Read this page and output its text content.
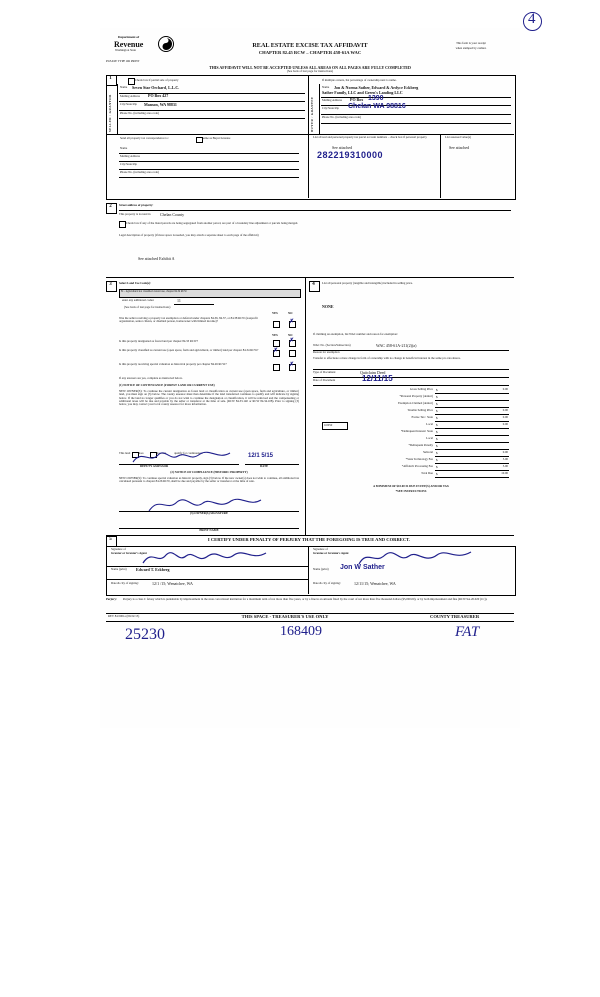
4
Department of
Revenue
Washington State
REAL ESTATE EXCISE TAX AFFIDAVIT
CHAPTER 82.45 RCW – CHAPTER 458-61A WAC
PLEASE TYPE OR PRINT
This form is your receipt
when stamped by cashier.
THIS AFFIDAVIT WILL NOT BE ACCEPTED UNLESS ALL AREAS ON ALL PAGES ARE FULLY COMPLETED
(See back of last page for instructions)
1
SELLER / GRANTOR	BUYER / GRANTEE
Check box if partial sale of property	If multiple owners, list percentage of ownership next to name.
Name Seven Star Orchard, L.L.C.
Mailing Address PO Box 427
City/State/Zip Manson, WA 98831
Phone No. (including area code)
Name Jon & Norma Sather, Edward & Ardyce Eckberg
Sather Family, LLC and Green's Landing LLC
Mailing Address PO Box 1390
City/State/Zip Chelan WA 98816
Phone No. (including area code)
Send all property tax correspondence to:	Same as Buyer/Grantee	List all real and personal property tax parcel account numbers – check box if personal property	List assessed value(s)
Name
Mailing Address
City/State/Zip
Phone No. (including area code)
See attached
282219310000
See attached
2	Street address of property:
This property is located in Chelan County
Check box if any of the listed parcels are being segregated from another parcel, are part of a boundary line adjustment or parcels being merged.
Legal description of property (if more space is needed, you may attach a separate sheet to each page of the affidavit)
See attached Exhibit A
3	Select Land Use Code(s):
81 - Agricultural not classified current use, chapter 84.34 RCW
enter any additional codes:	11
(See back of last page for instructions)
YES	NO
Was the seller receiving a property tax exemption or deferral under chapters 84.36, 84.37, or 84.38 RCW (nonprofit organization, senior citizen, or disabled person, homeowner with limited income)?	✗
YES	NO
Is this property designated as forest land per chapter 84.33 RCW?	✗
Is this property classified as current use (open space, farm and agricultural, or timber) land per chapter 84.34 RCW?	✗
Is this property receiving special valuation as historical property per chapter 84.26 RCW?	✗
If any answers are yes, complete as instructed below.
(1) NOTICE OF CONTINUANCE (FOREST LAND OR CURRENT USE)
NEW OWNER(S): To continue the current designation as forest land or classification as current use (open space, farm and agriculture, or timber) land, you must sign on (3) below. The county assessor must then determine if the land transferred continues to qualify and will indicate by signing below. If the land no longer qualifies or you do not wish to continue the designation or classification, it will be removed and the compensating or additional taxes will be due and payable by the seller or transferor at the time of sale. (RCW 84.33.140 or RCW 84.34.108). Prior to signing (3) below, you may contact your local county assessor for more information.
This land	does	does not	qualify for continuance.	12/1 5/15
DEPUTY ASSESSOR	DATE
(2) NOTICE OF COMPLIANCE (HISTORIC PROPERTY)
NEW OWNER(S): To continue special valuation as historic property, sign (3) below. If the new owner(s) does not wish to continue, all additional tax calculated pursuant to chapter 84.26 RCW, shall be due and payable by the seller or transferor at the time of sale.
(3) OWNER(S) SIGNATURE
PRINT NAME
4	List all personal property (tangible and intangible) included in selling price.
NONE
If claiming an exemption, list WAC number and reason for exemption:
WAC No. (Section/Subsection)	WAC 458-61A-211(2)(a)
Reason for exemption
Transfer to effectuate a mere change in form of ownership with no change in beneficial interest in the same pro rata shares.
Type of Document	Quitclaim Deed
Date of Document	12/11/15
Gross Selling Price $	0.00
*Personal Property (deduct) $
Exemption Claimed (deduct) $
Taxable Selling Price $	0.00
Excise Tax : State $	0.00
0.0050	Local $	0.00
*Delinquent Interest: State $
Local $
*Delinquent Penalty $
Subtotal $	0.00
*State Technology Fee $	5.00
*Affidavit Processing Fee $	5.00
Total Due $	10.00
A MINIMUM OF $10.00 IS DUE IN FEE(S) AND/OR TAX
*SEE INSTRUCTIONS
5	I CERTIFY UNDER PENALTY OF PERJURY THAT THE FOREGOING IS TRUE AND CORRECT.
Signature of
Grantor or Grantor's Agent
Name (print) Edward T. Eckberg
Date & city of signing:	12/1 /15; Wenatchee, WA
Signature of
Grantee or Grantee's Agent
Name (print) Jon W Sather
Date & city of signing:	12/11/15; Wenatchee, WA
Perjury: Perjury is a class C felony which is punishable by imprisonment in the state correctional institution for a maximum term of not more than five years, or by a fine in an amount fixed by the court of not more than five thousand dollars ($5,000.00), or by both imprisonment and fine (RCW 9A.20.020 (1C)).
REV 84 0001a (09/22/15)	THIS SPACE - TREASURER'S USE ONLY	COUNTY TREASURER
25230	168409	FAT
